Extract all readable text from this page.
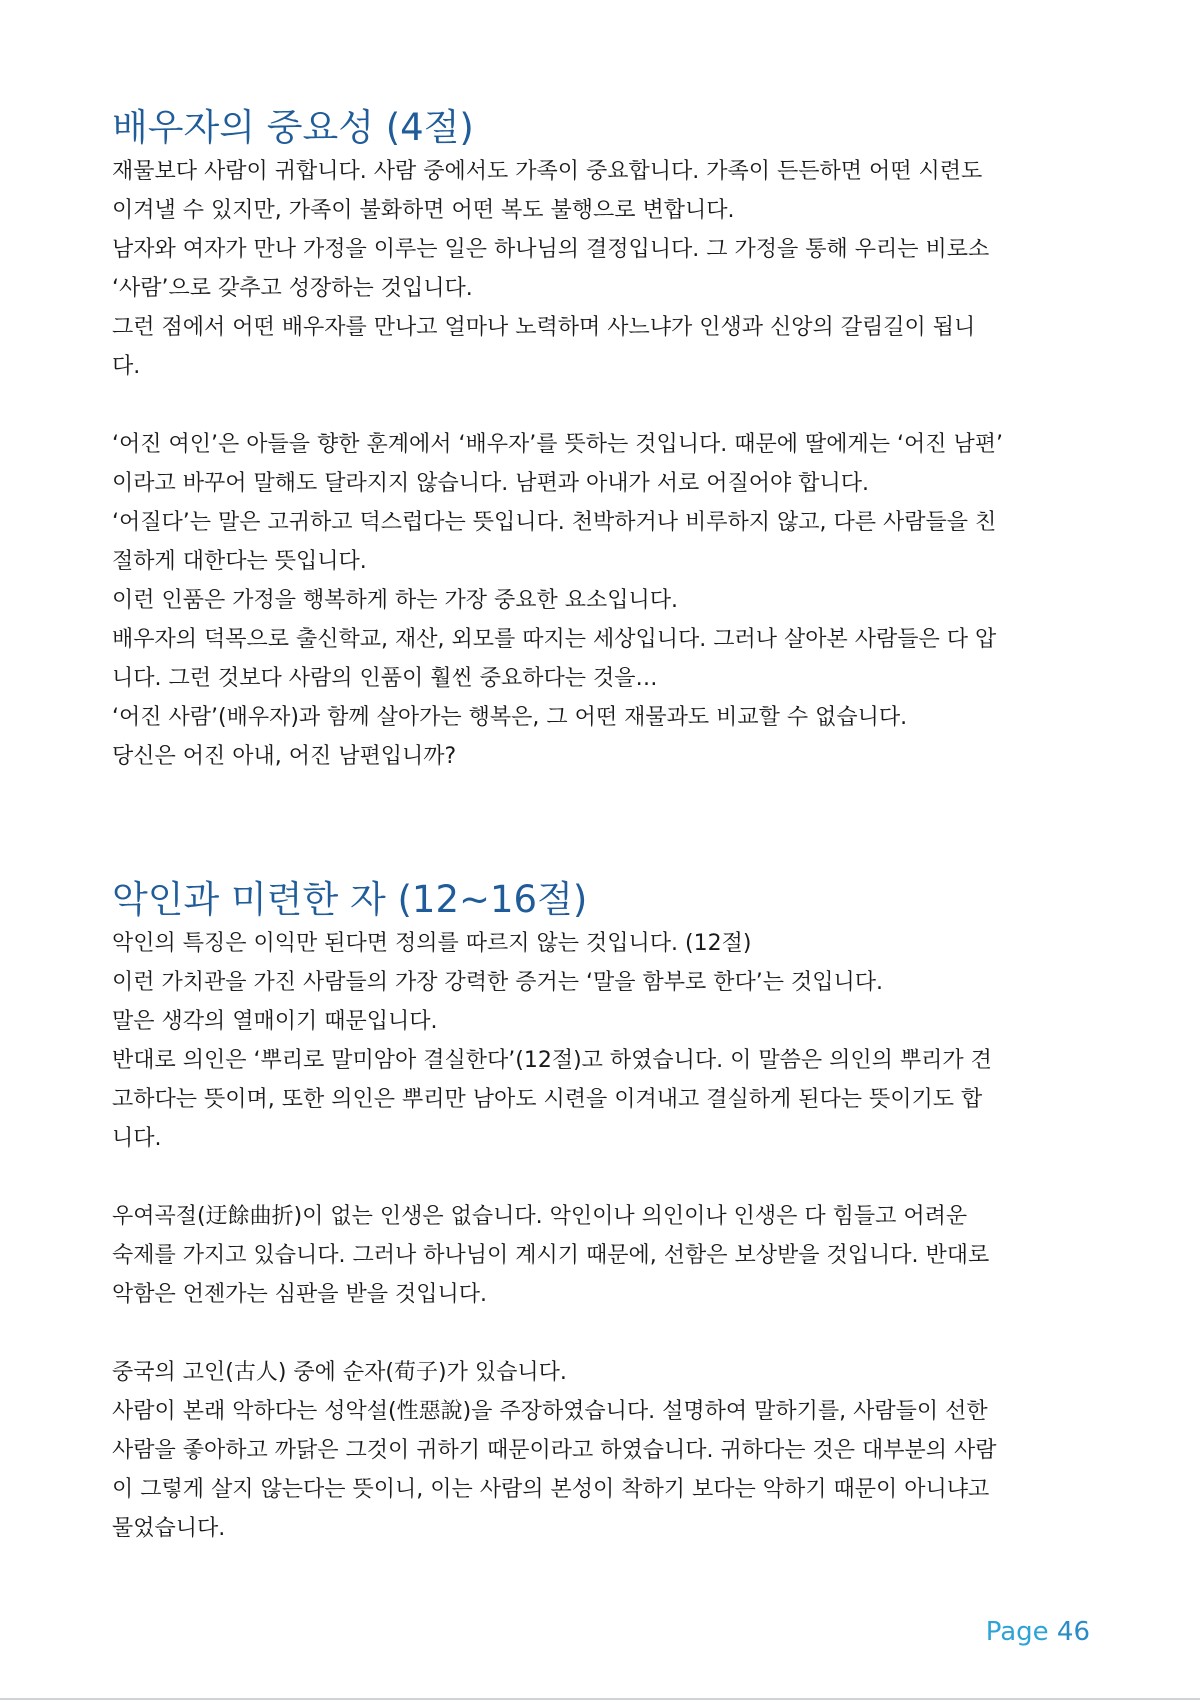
배우자의 중요성 (4절)
재물보다 사람이 귀합니다. 사람 중에서도 가족이 중요합니다. 가족이 든든하면 어떤 시련도
이겨낼 수 있지만, 가족이 불화하면 어떤 복도 불행으로 변합니다.
남자와 여자가 만나 가정을 이루는 일은 하나님의 결정입니다. 그 가정을 통해 우리는 비로소
‘사람’으로 갖추고 성장하는 것입니다.
그런 점에서 어떤 배우자를 만나고 얼마나 노력하며 사느냐가 인생과 신앙의 갈림길이 됩니
다.
‘어진 여인’은 아들을 향한 훈계에서 ‘배우자’를 뜻하는 것입니다. 때문에 딸에게는 ‘어진 남편’
이라고 바꾸어 말해도 달라지지 않습니다. 남편과 아내가 서로 어질어야 합니다.
‘어질다’는 말은 고귀하고 덕스럽다는 뜻입니다. 천박하거나 비루하지 않고, 다른 사람들을 친
절하게 대한다는 뜻입니다.
이런 인품은 가정을 행복하게 하는 가장 중요한 요소입니다.
배우자의 덕목으로 출신학교, 재산, 외모를 따지는 세상입니다. 그러나 살아본 사람들은 다 압
니다. 그런 것보다 사람의 인품이 훨씬 중요하다는 것을…
‘어진 사람’(배우자)과 함께 살아가는 행복은, 그 어떤 재물과도 비교할 수 없습니다.
당신은 어진 아내, 어진 남편입니까?
악인과 미련한 자 (12~16절)
악인의 특징은 이익만 된다면 정의를 따르지 않는 것입니다. (12절)
이런 가치관을 가진 사람들의 가장 강력한 증거는 ‘말을 함부로 한다’는 것입니다.
말은 생각의 열매이기 때문입니다.
반대로 의인은 ‘뿌리로 말미암아 결실한다’(12절)고 하였습니다. 이 말씀은 의인의 뿌리가 견
고하다는 뜻이며, 또한 의인은 뿌리만 남아도 시련을 이겨내고 결실하게 된다는 뜻이기도 합
니다.
우여곡절(迂餘曲折)이 없는 인생은 없습니다. 악인이나 의인이나 인생은 다 힘들고 어려운
숙제를 가지고 있습니다. 그러나 하나님이 계시기 때문에, 선함은 보상받을 것입니다. 반대로
악함은 언젠가는 심판을 받을 것입니다.
중국의 고인(古人) 중에 순자(荀子)가 있습니다.
사람이 본래 악하다는 성악설(性惡說)을 주장하였습니다. 설명하여 말하기를, 사람들이 선한
사람을 좋아하고 까닭은 그것이 귀하기 때문이라고 하였습니다. 귀하다는 것은 대부분의 사람
이 그렇게 살지 않는다는 뜻이니, 이는 사람의 본성이 착하기 보다는 악하기 때문이 아니냐고
물었습니다.
Page 46
